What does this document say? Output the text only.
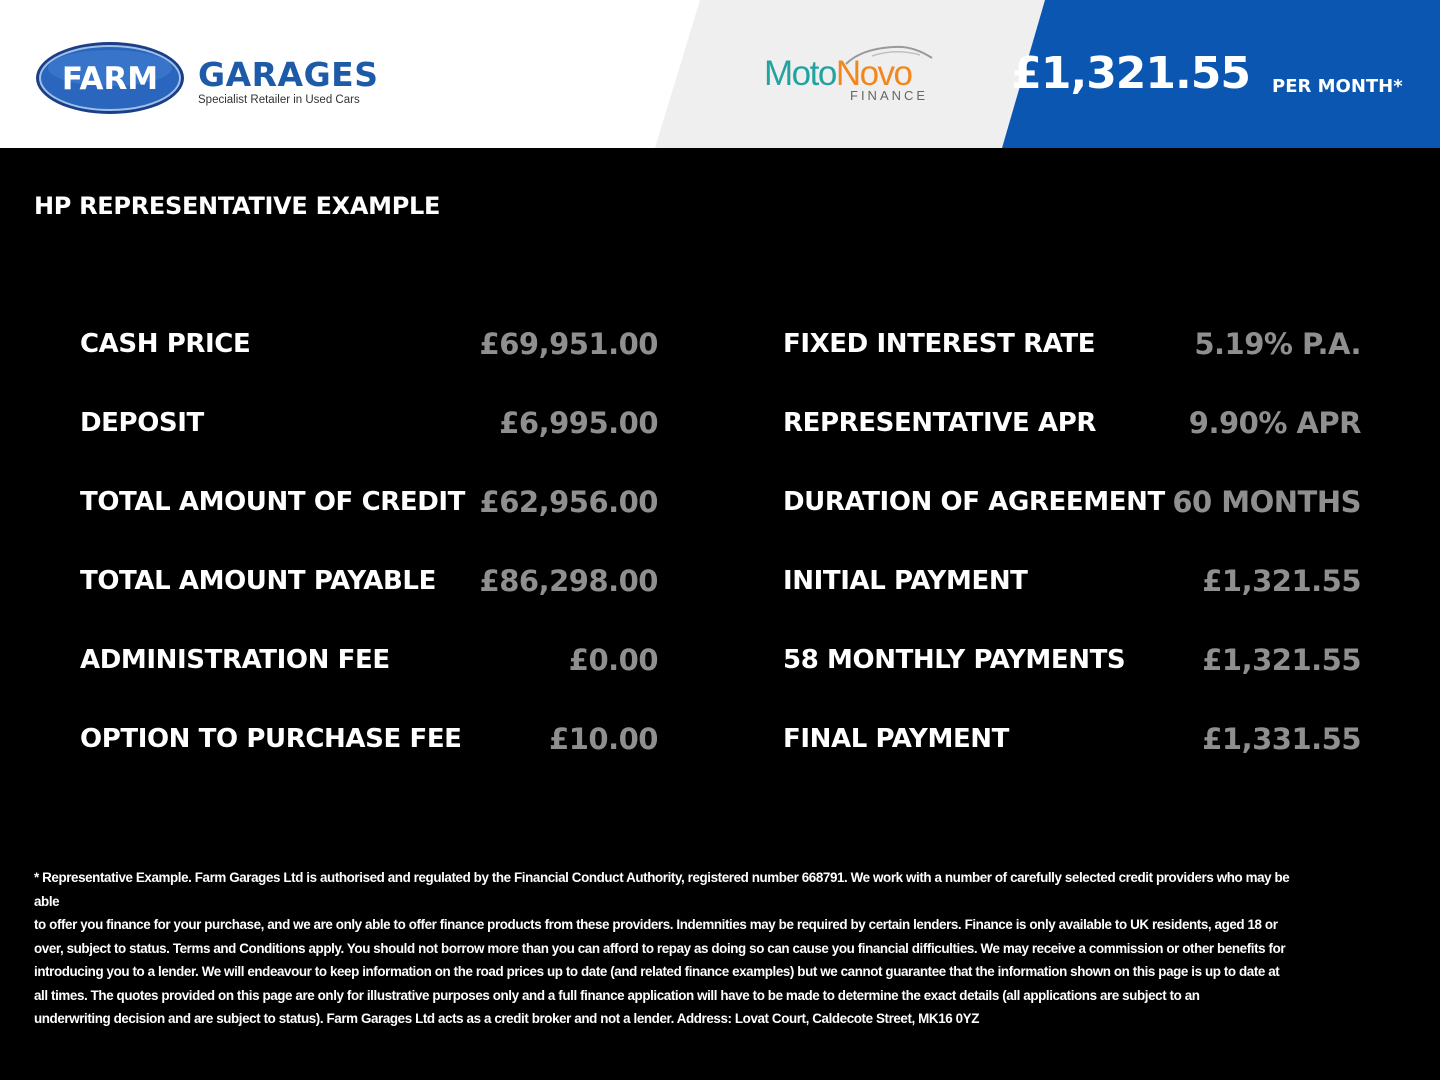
FARM GARAGES
Specialist Retailer in Used Cars
MotoNovo
FINANCE £1,321.55 PER MONTH*
HP REPRESENTATIVE EXAMPLE
CASH PRICE	£69,951.00
DEPOSIT	£6,995.00
TOTAL AMOUNT OF CREDIT £62,956.00
TOTAL AMOUNT PAYABLE £86,298.00
ADMINISTRATION FEE	£0.00
OPTION TO PURCHASE FEE	£10.00
FIXED INTEREST RATE	5.19% P.A.
REPRESENTATIVE APR	9.90% APR
DURATION OF AGREEMENT 60 MONTHS
INITIAL PAYMENT	£1,321.55
58 MONTHLY PAYMENTS	£1,321.55
FINAL PAYMENT	£1,331.55
* Representative Example. Farm Garages Ltd is authorised and regulated by the Financial Conduct Authority, registered number 668791. We work with a number of carefully selected credit providers who may be able
to offer you finance for your purchase, and we are only able to offer finance products from these providers. Indemnities may be required by certain lenders. Finance is only available to UK residents, aged 18 or
over, subject to status. Terms and Conditions apply. You should not borrow more than you can afford to repay as doing so can cause you financial difficulties. We may receive a commission or other benefits for
introducing you to a lender. We will endeavour to keep information on the road prices up to date (and related finance examples) but we cannot guarantee that the information shown on this page is up to date at
all times. The quotes provided on this page are only for illustrative purposes only and a full finance application will have to be made to determine the exact details (all applications are subject to an
underwriting decision and are subject to status). Farm Garages Ltd acts as a credit broker and not a lender. Address: Lovat Court, Caldecote Street, MK16 0YZ
